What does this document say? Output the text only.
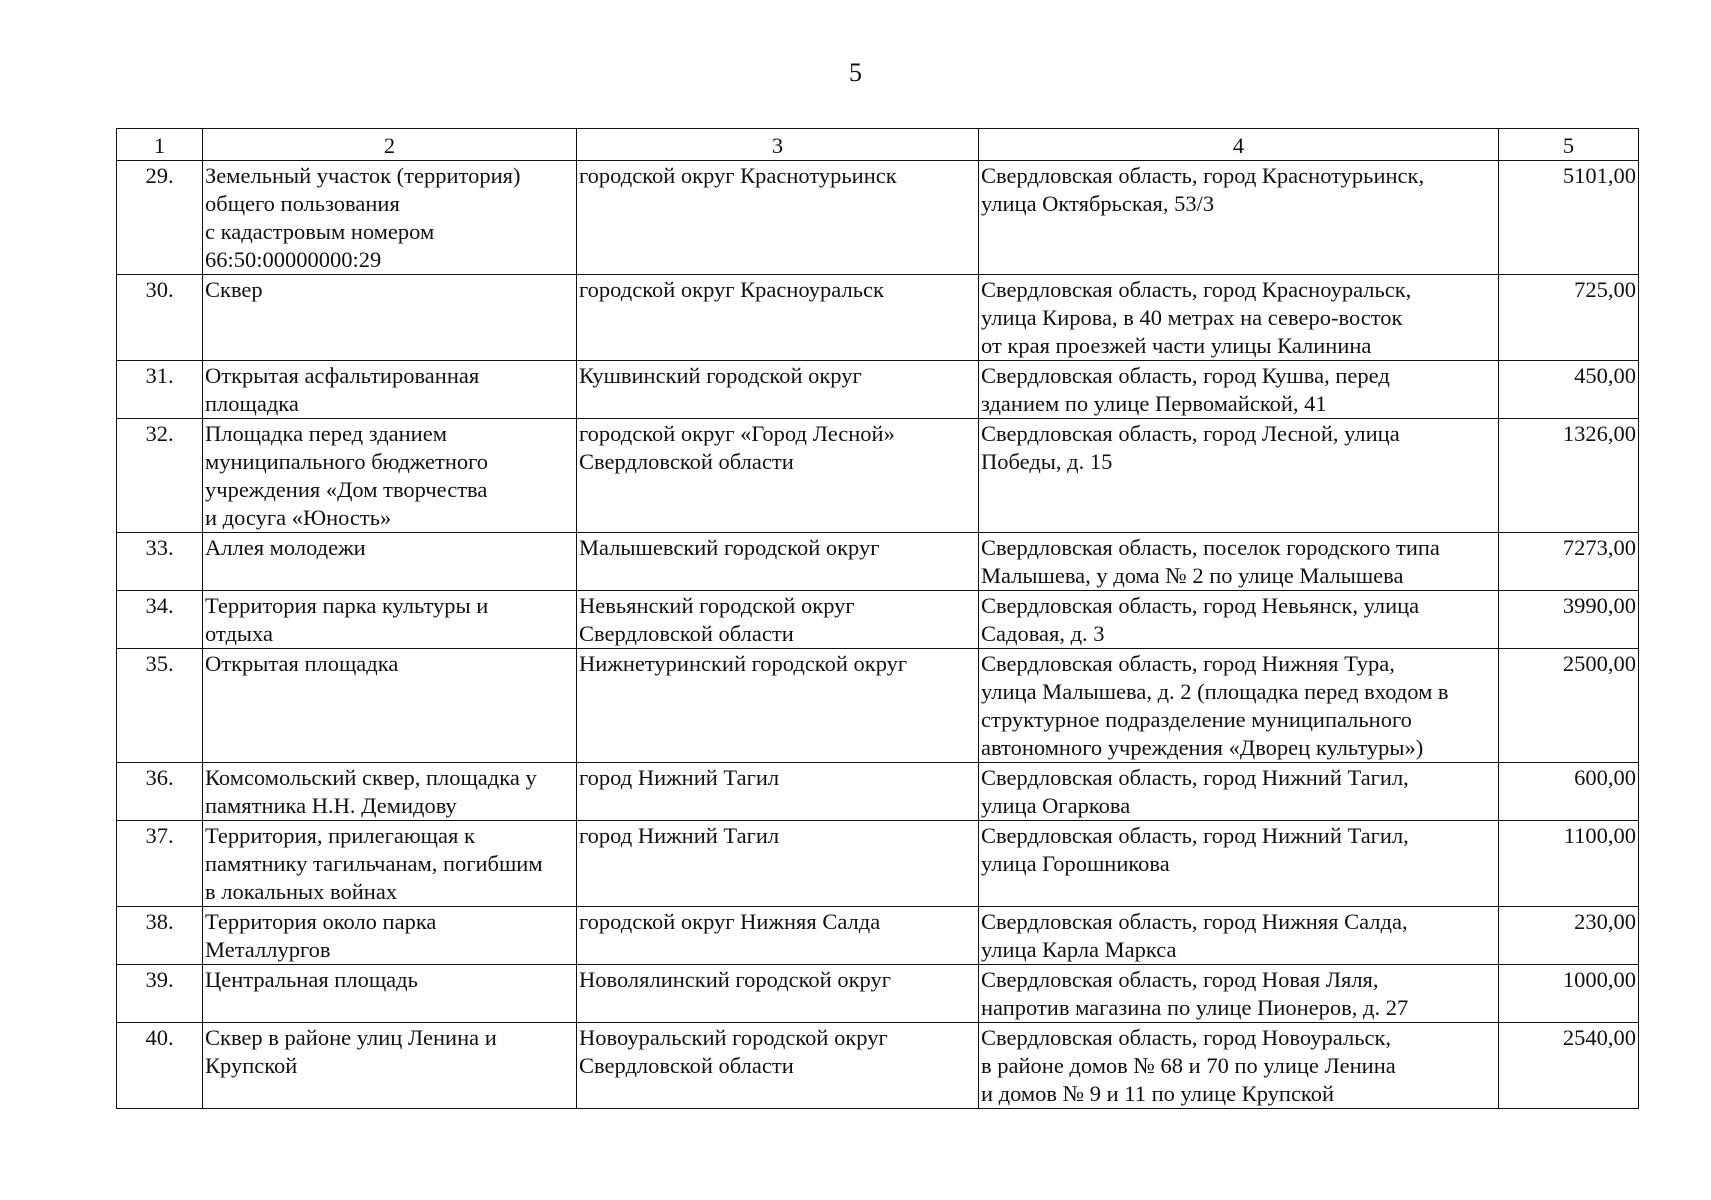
5
1	2	3	4	5
29.	Земельный участок (территория)
общего пользования
с кадастровым номером
66:50:00000000:29	городской округ Краснотурьинск	Свердловская область, город Краснотурьинск,
улица Октябрьская, 53/3	5101,00
30.	Сквер	городской округ Красноуральск	Свердловская область, город Красноуральск,
улица Кирова, в 40 метрах на северо-восток
от края проезжей части улицы Калинина	725,00
31.	Открытая асфальтированная
площадка	Кушвинский городской округ	Свердловская область, город Кушва, перед
зданием по улице Первомайской, 41	450,00
32.	Площадка перед зданием
муниципального бюджетного
учреждения «Дом творчества
и досуга «Юность»	городской округ «Город Лесной»
Свердловской области	Свердловская область, город Лесной, улица
Победы, д. 15	1326,00
33.	Аллея молодежи	Малышевский городской округ	Свердловская область, поселок городского типа
Малышева, у дома № 2 по улице Малышева	7273,00
34.	Территория парка культуры и
отдыха	Невьянский городской округ
Свердловской области	Свердловская область, город Невьянск, улица
Садовая, д. 3	3990,00
35.	Открытая площадка	Нижнетуринский городской округ	Свердловская область, город Нижняя Тура,
улица Малышева, д. 2 (площадка перед входом в
структурное подразделение муниципального
автономного учреждения «Дворец культуры»)	2500,00
36.	Комсомольский сквер, площадка у
памятника Н.Н. Демидову	город Нижний Тагил	Свердловская область, город Нижний Тагил,
улица Огаркова	600,00
37.	Территория, прилегающая к
памятнику тагильчанам, погибшим
в локальных войнах	город Нижний Тагил	Свердловская область, город Нижний Тагил,
улица Горошникова	1100,00
38.	Территория около парка
Металлургов	городской округ Нижняя Салда	Свердловская область, город Нижняя Салда,
улица Карла Маркса	230,00
39.	Центральная площадь	Новолялинский городской округ	Свердловская область, город Новая Ляля,
напротив магазина по улице Пионеров, д. 27	1000,00
40.	Сквер в районе улиц Ленина и
Крупской	Новоуральский городской округ
Свердловской области	Свердловская область, город Новоуральск,
в районе домов № 68 и 70 по улице Ленина
и домов № 9 и 11 по улице Крупской	2540,00
